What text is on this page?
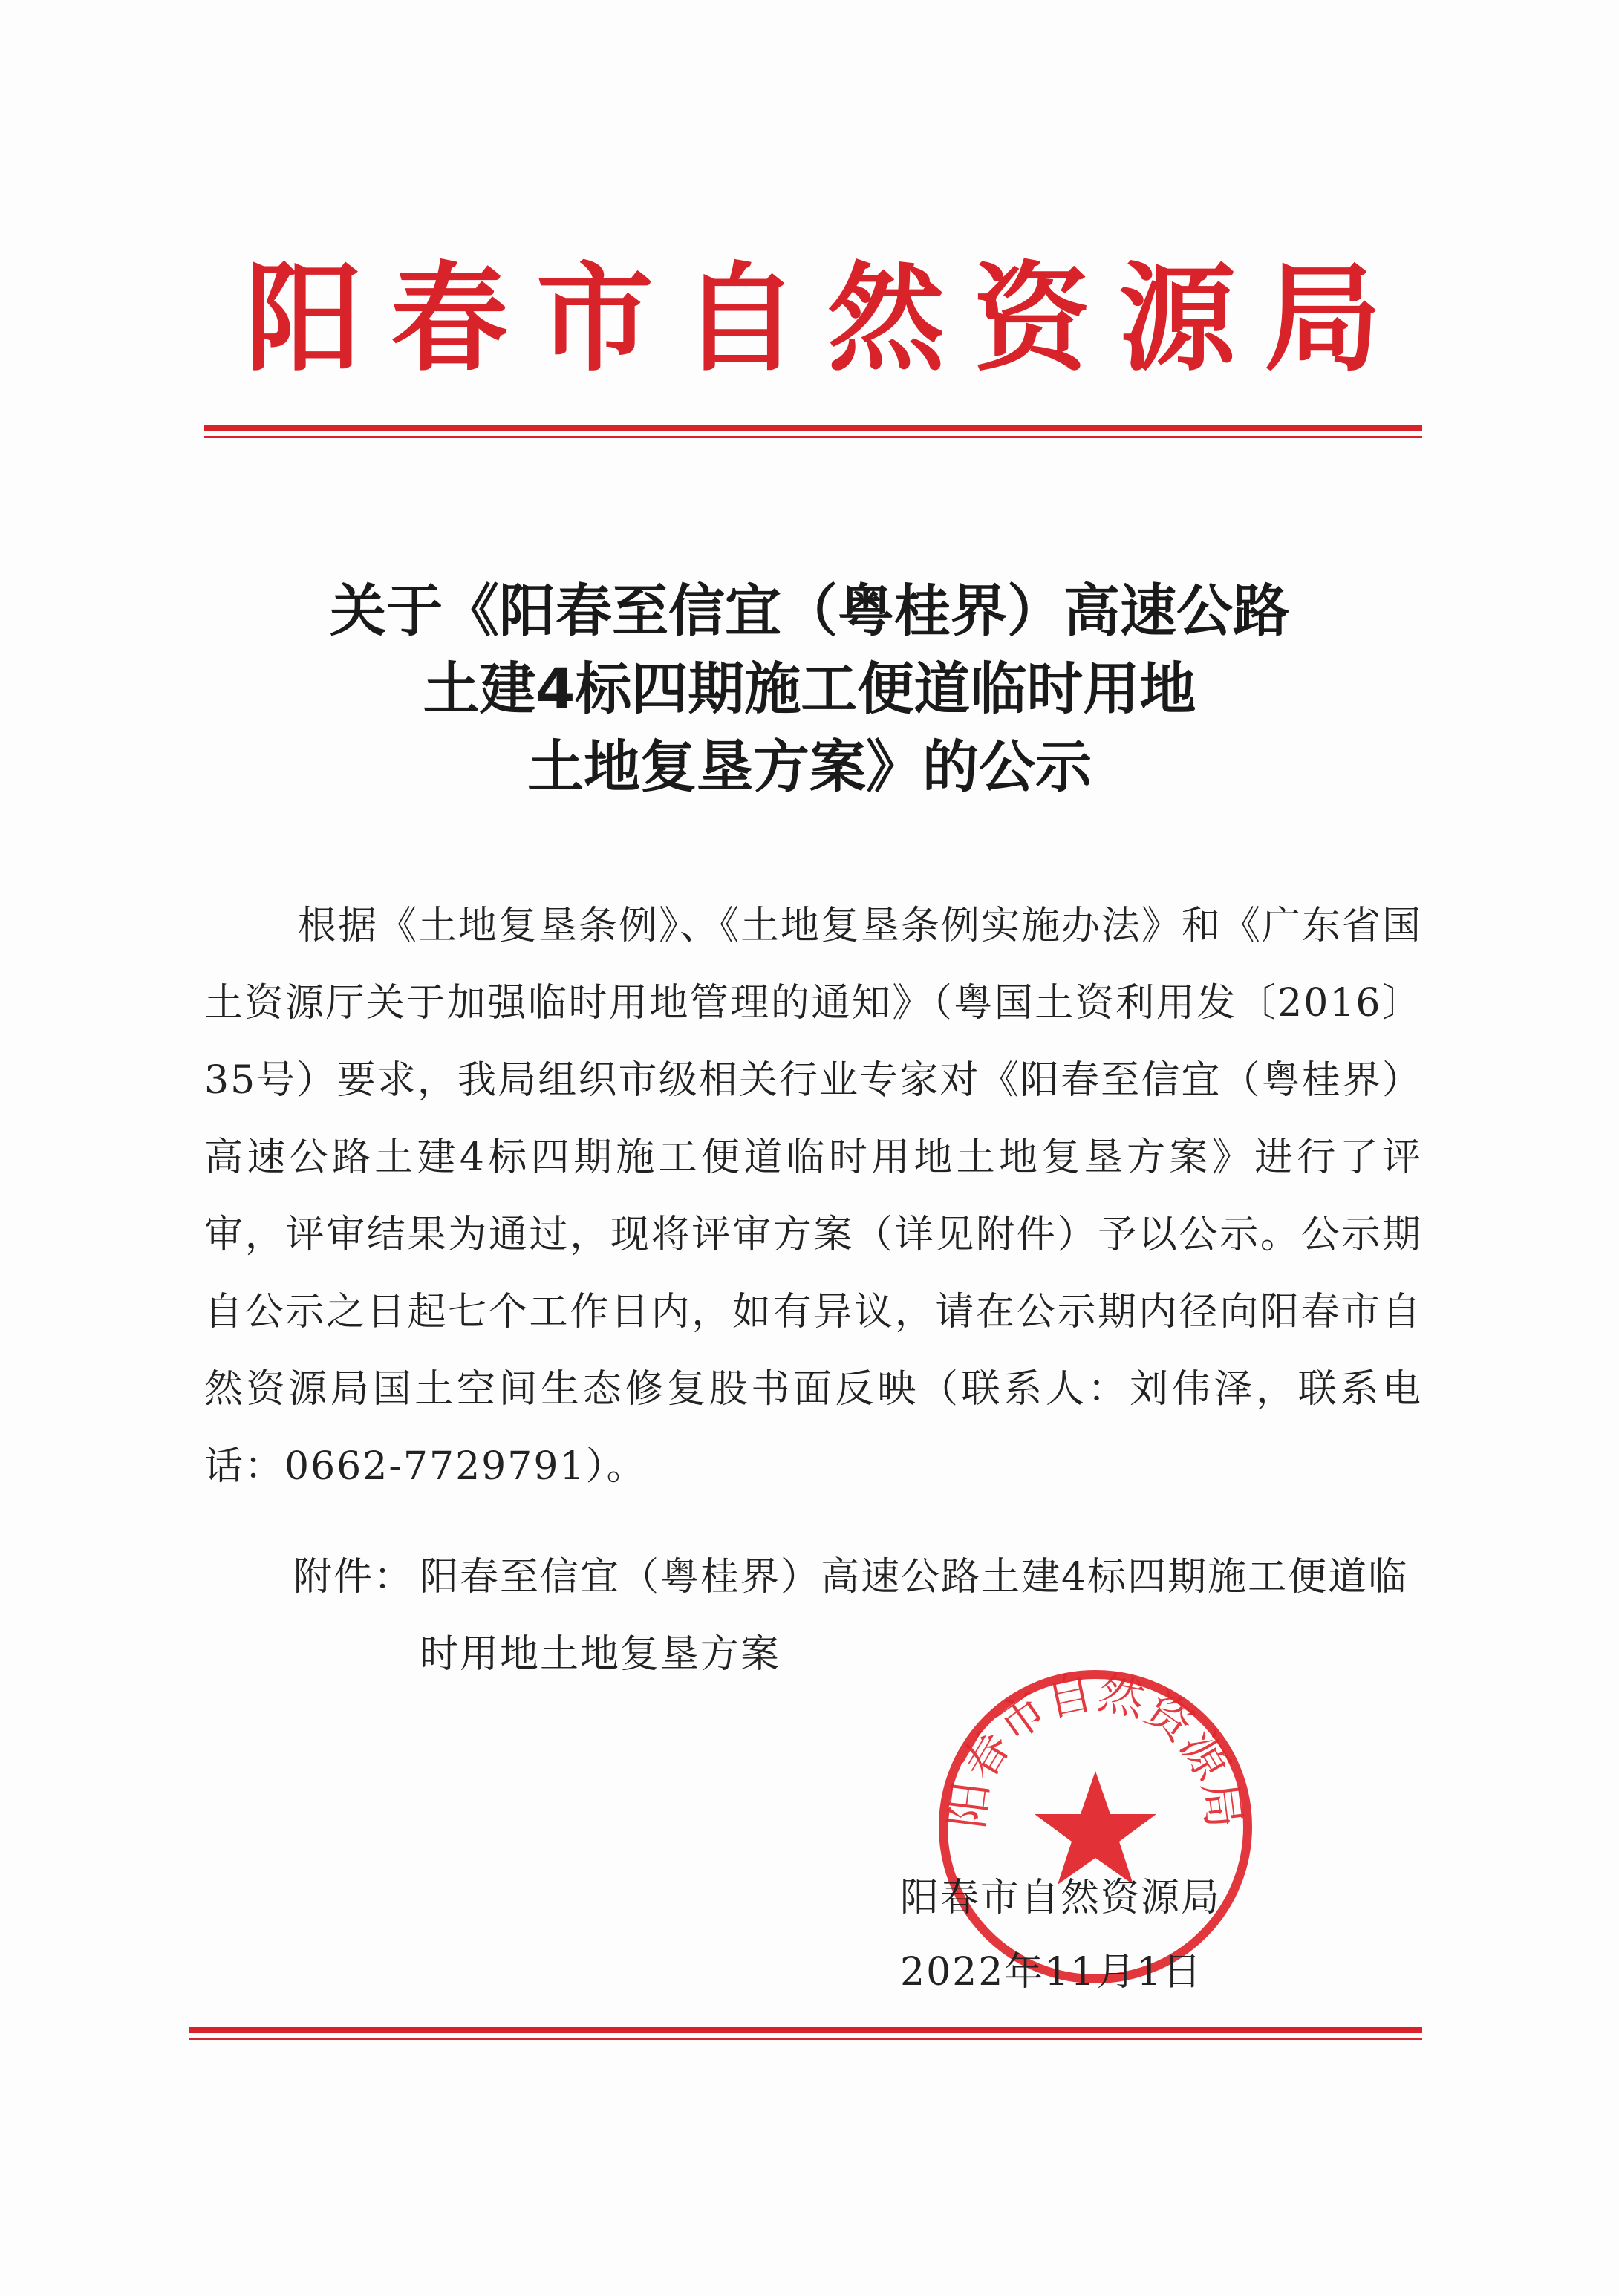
阳春市自然资源局
关于《阳春至信宜（粤桂界）高速公路
土建4标四期施工便道临时用地
土地复垦方案》的公示
根据《土地复垦条例》、《土地复垦条例实施办法》和《广东省国土资源厅关于加强临时用地管理的通知》（粤国土资利用发〔2016〕35号）要求，我局组织市级相关行业专家对《阳春至信宜（粤桂界）高速公路土建4标四期施工便道临时用地土地复垦方案》进行了评审，评审结果为通过，现将评审方案（详见附件）予以公示。公示期自公示之日起七个工作日内，如有异议，请在公示期内径向阳春市自然资源局国土空间生态修复股书面反映（联系人：刘伟泽，联系电话：0662-7729791）。
附件： 阳春至信宜（粤桂界）高速公路土建4标四期施工便道临时用地土地复垦方案
阳春市自然资源局
阳春市自然资源局
2022年11月1日
